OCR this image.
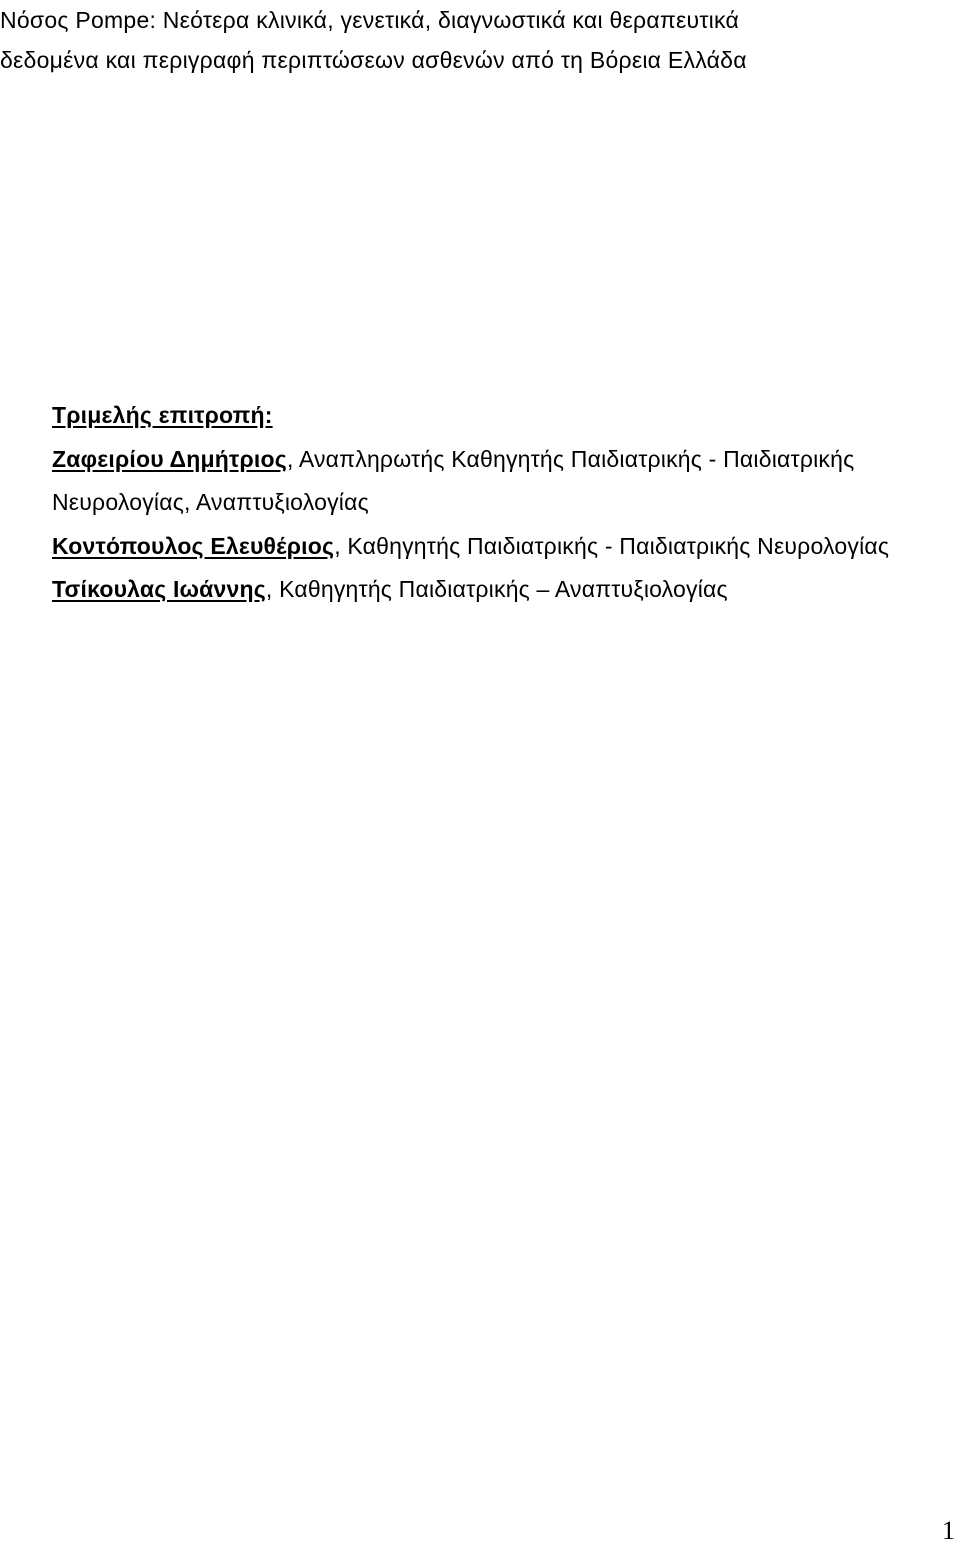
Νόσος Pompe: Νεότερα κλινικά, γενετικά, διαγνωστικά και θεραπευτικά
δεδομένα και περιγραφή περιπτώσεων ασθενών από τη Βόρεια Ελλάδα
Τριμελής επιτροπή:
Ζαφειρίου Δημήτριος, Αναπληρωτής Καθηγητής Παιδιατρικής - Παιδιατρικής Νευρολογίας, Αναπτυξιολογίας
Κοντόπουλος Ελευθέριος, Καθηγητής Παιδιατρικής - Παιδιατρικής Νευρολογίας
Τσίκουλας Ιωάννης, Καθηγητής Παιδιατρικής – Αναπτυξιολογίας
1
